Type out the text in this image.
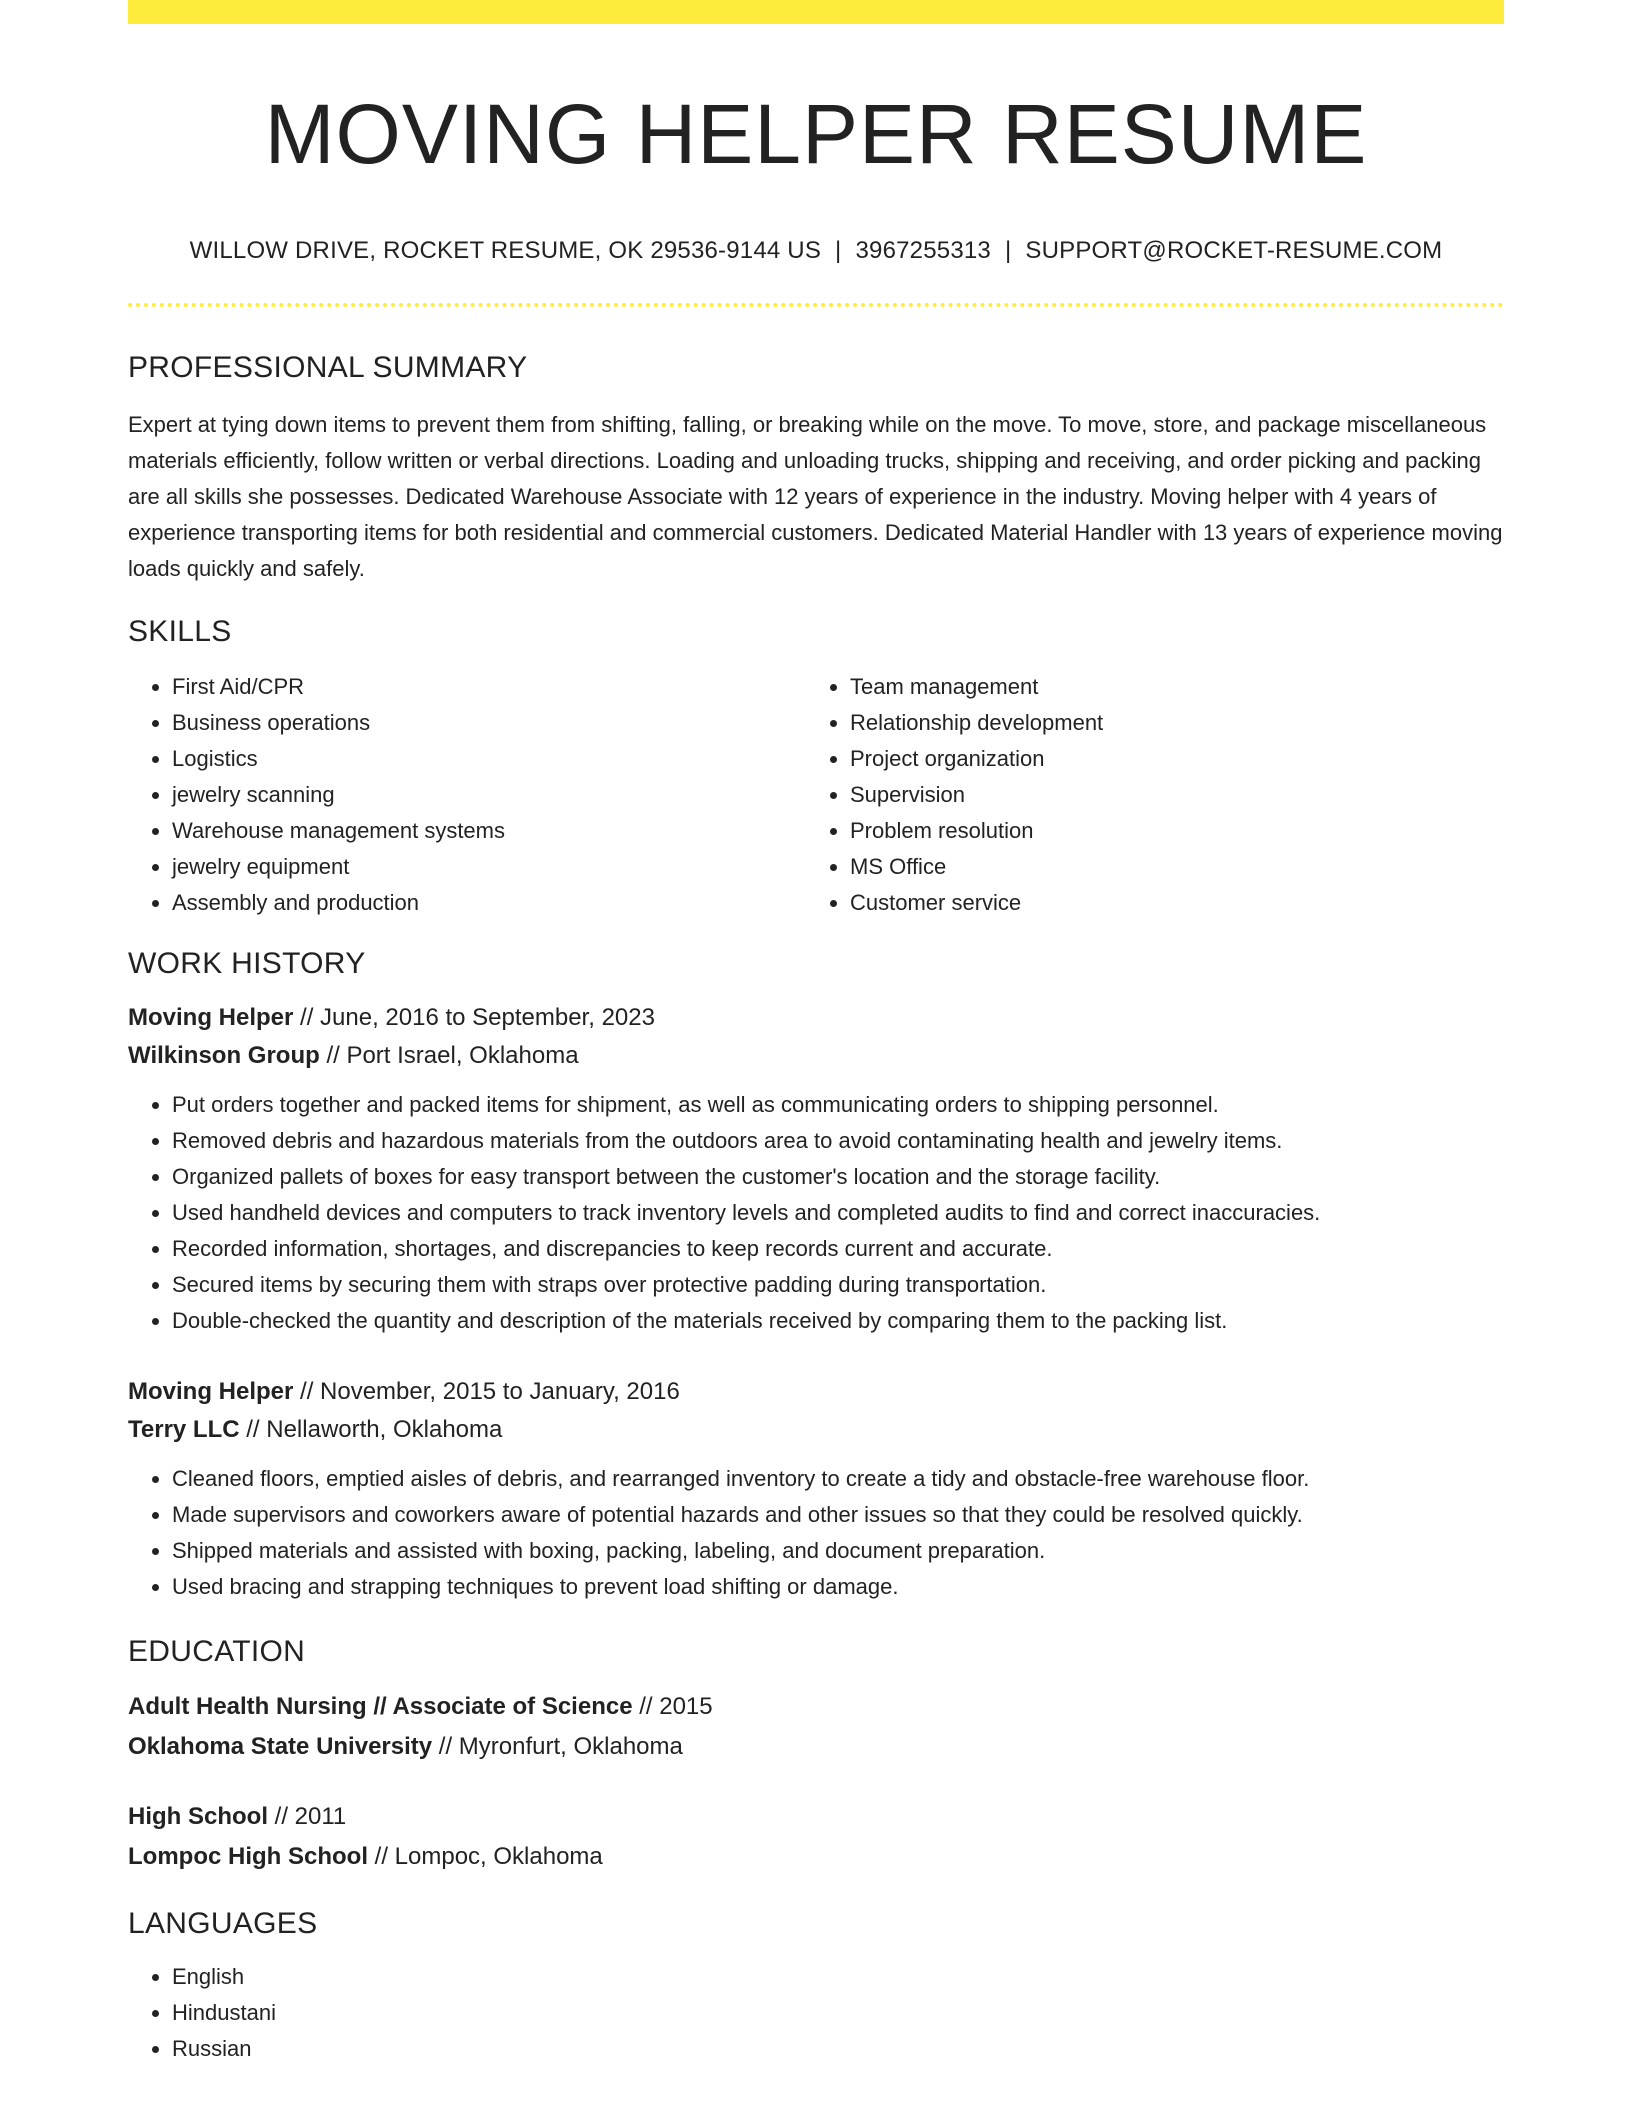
MOVING HELPER RESUME
WILLOW DRIVE, ROCKET RESUME, OK 29536-9144 US | 3967255313 | SUPPORT@ROCKET-RESUME.COM
PROFESSIONAL SUMMARY
Expert at tying down items to prevent them from shifting, falling, or breaking while on the move. To move, store, and package miscellaneous materials efficiently, follow written or verbal directions. Loading and unloading trucks, shipping and receiving, and order picking and packing are all skills she possesses. Dedicated Warehouse Associate with 12 years of experience in the industry. Moving helper with 4 years of experience transporting items for both residential and commercial customers. Dedicated Material Handler with 13 years of experience moving loads quickly and safely.
SKILLS
• First Aid/CPR
• Business operations
• Logistics
• jewelry scanning
• Warehouse management systems
• jewelry equipment
• Assembly and production
• Team management
• Relationship development
• Project organization
• Supervision
• Problem resolution
• MS Office
• Customer service
WORK HISTORY
Moving Helper // June, 2016 to September, 2023
Wilkinson Group // Port Israel, Oklahoma
• Put orders together and packed items for shipment, as well as communicating orders to shipping personnel.
• Removed debris and hazardous materials from the outdoors area to avoid contaminating health and jewelry items.
• Organized pallets of boxes for easy transport between the customer's location and the storage facility.
• Used handheld devices and computers to track inventory levels and completed audits to find and correct inaccuracies.
• Recorded information, shortages, and discrepancies to keep records current and accurate.
• Secured items by securing them with straps over protective padding during transportation.
• Double-checked the quantity and description of the materials received by comparing them to the packing list.
Moving Helper // November, 2015 to January, 2016
Terry LLC // Nellaworth, Oklahoma
• Cleaned floors, emptied aisles of debris, and rearranged inventory to create a tidy and obstacle-free warehouse floor.
• Made supervisors and coworkers aware of potential hazards and other issues so that they could be resolved quickly.
• Shipped materials and assisted with boxing, packing, labeling, and document preparation.
• Used bracing and strapping techniques to prevent load shifting or damage.
EDUCATION
Adult Health Nursing // Associate of Science // 2015
Oklahoma State University // Myronfurt, Oklahoma
High School // 2011
Lompoc High School // Lompoc, Oklahoma
LANGUAGES
• English
• Hindustani
• Russian
